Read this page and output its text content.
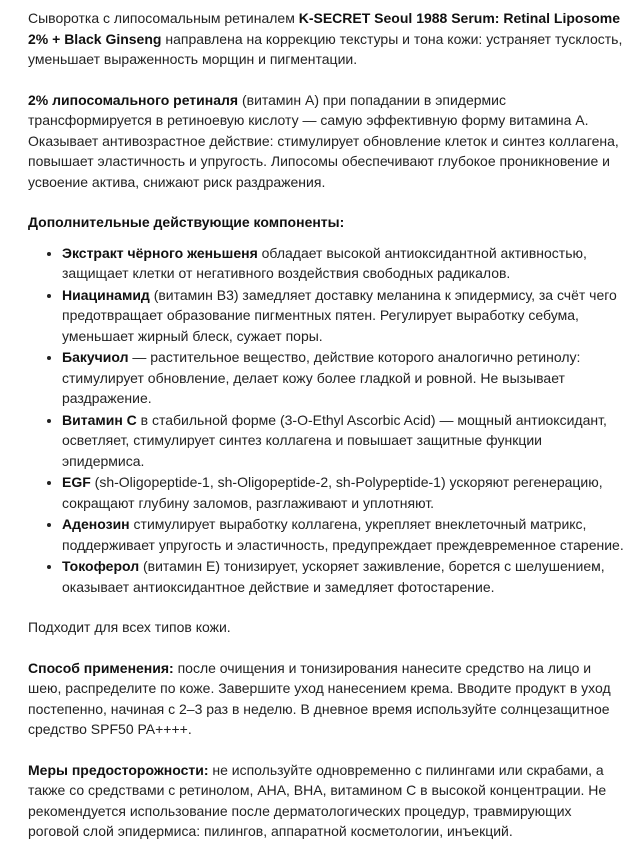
Сыворотка с липосомальным ретиналем K-SECRET Seoul 1988 Serum: Retinal Liposome 2% + Black Ginseng направлена на коррекцию текстуры и тона кожи: устраняет тусклость, уменьшает выраженность морщин и пигментации.

2% липосомального ретиналя (витамин А) при попадании в эпидермис трансформируется в ретиноевую кислоту — самую эффективную форму витамина А. Оказывает антивозрастное действие: стимулирует обновление клеток и синтез коллагена, повышает эластичность и упругость. Липосомы обеспечивают глубокое проникновение и усвоение актива, снижают риск раздражения.

Дополнительные действующие компоненты:

• Экстракт чёрного женьшеня обладает высокой антиоксидантной активностью, защищает клетки от негативного воздействия свободных радикалов.
• Ниацинамид (витамин В3) замедляет доставку меланина к эпидермису, за счёт чего предотвращает образование пигментных пятен. Регулирует выработку себума, уменьшает жирный блеск, сужает поры.
• Бакучиол — растительное вещество, действие которого аналогично ретинолу: стимулирует обновление, делает кожу более гладкой и ровной. Не вызывает раздражение.
• Витамин С в стабильной форме (3-O-Ethyl Ascorbic Acid) — мощный антиоксидант, осветляет, стимулирует синтез коллагена и повышает защитные функции эпидермиса.
• EGF (sh-Oligopeptide-1, sh-Oligopeptide-2, sh-Polypeptide-1) ускоряют регенерацию, сокращают глубину заломов, разглаживают и уплотняют.
• Аденозин стимулирует выработку коллагена, укрепляет внеклеточный матрикс, поддерживает упругость и эластичность, предупреждает преждевременное старение.
• Токоферол (витамин Е) тонизирует, ускоряет заживление, борется с шелушением, оказывает антиоксидантное действие и замедляет фотостарение.

Подходит для всех типов кожи.

Способ применения: после очищения и тонизирования нанесите средство на лицо и шею, распределите по коже. Завершите уход нанесением крема. Вводите продукт в уход постепенно, начиная с 2–3 раз в неделю. В дневное время используйте солнцезащитное средство SPF50 PA++++.

Меры предосторожности: не используйте одновременно с пилингами или скрабами, а также со средствами с ретинолом, АНА, ВНА, витамином С в высокой концентрации. Не рекомендуется использование после дерматологических процедур, травмирующих роговой слой эпидермиса: пилингов, аппаратной косметологии, инъекций.
